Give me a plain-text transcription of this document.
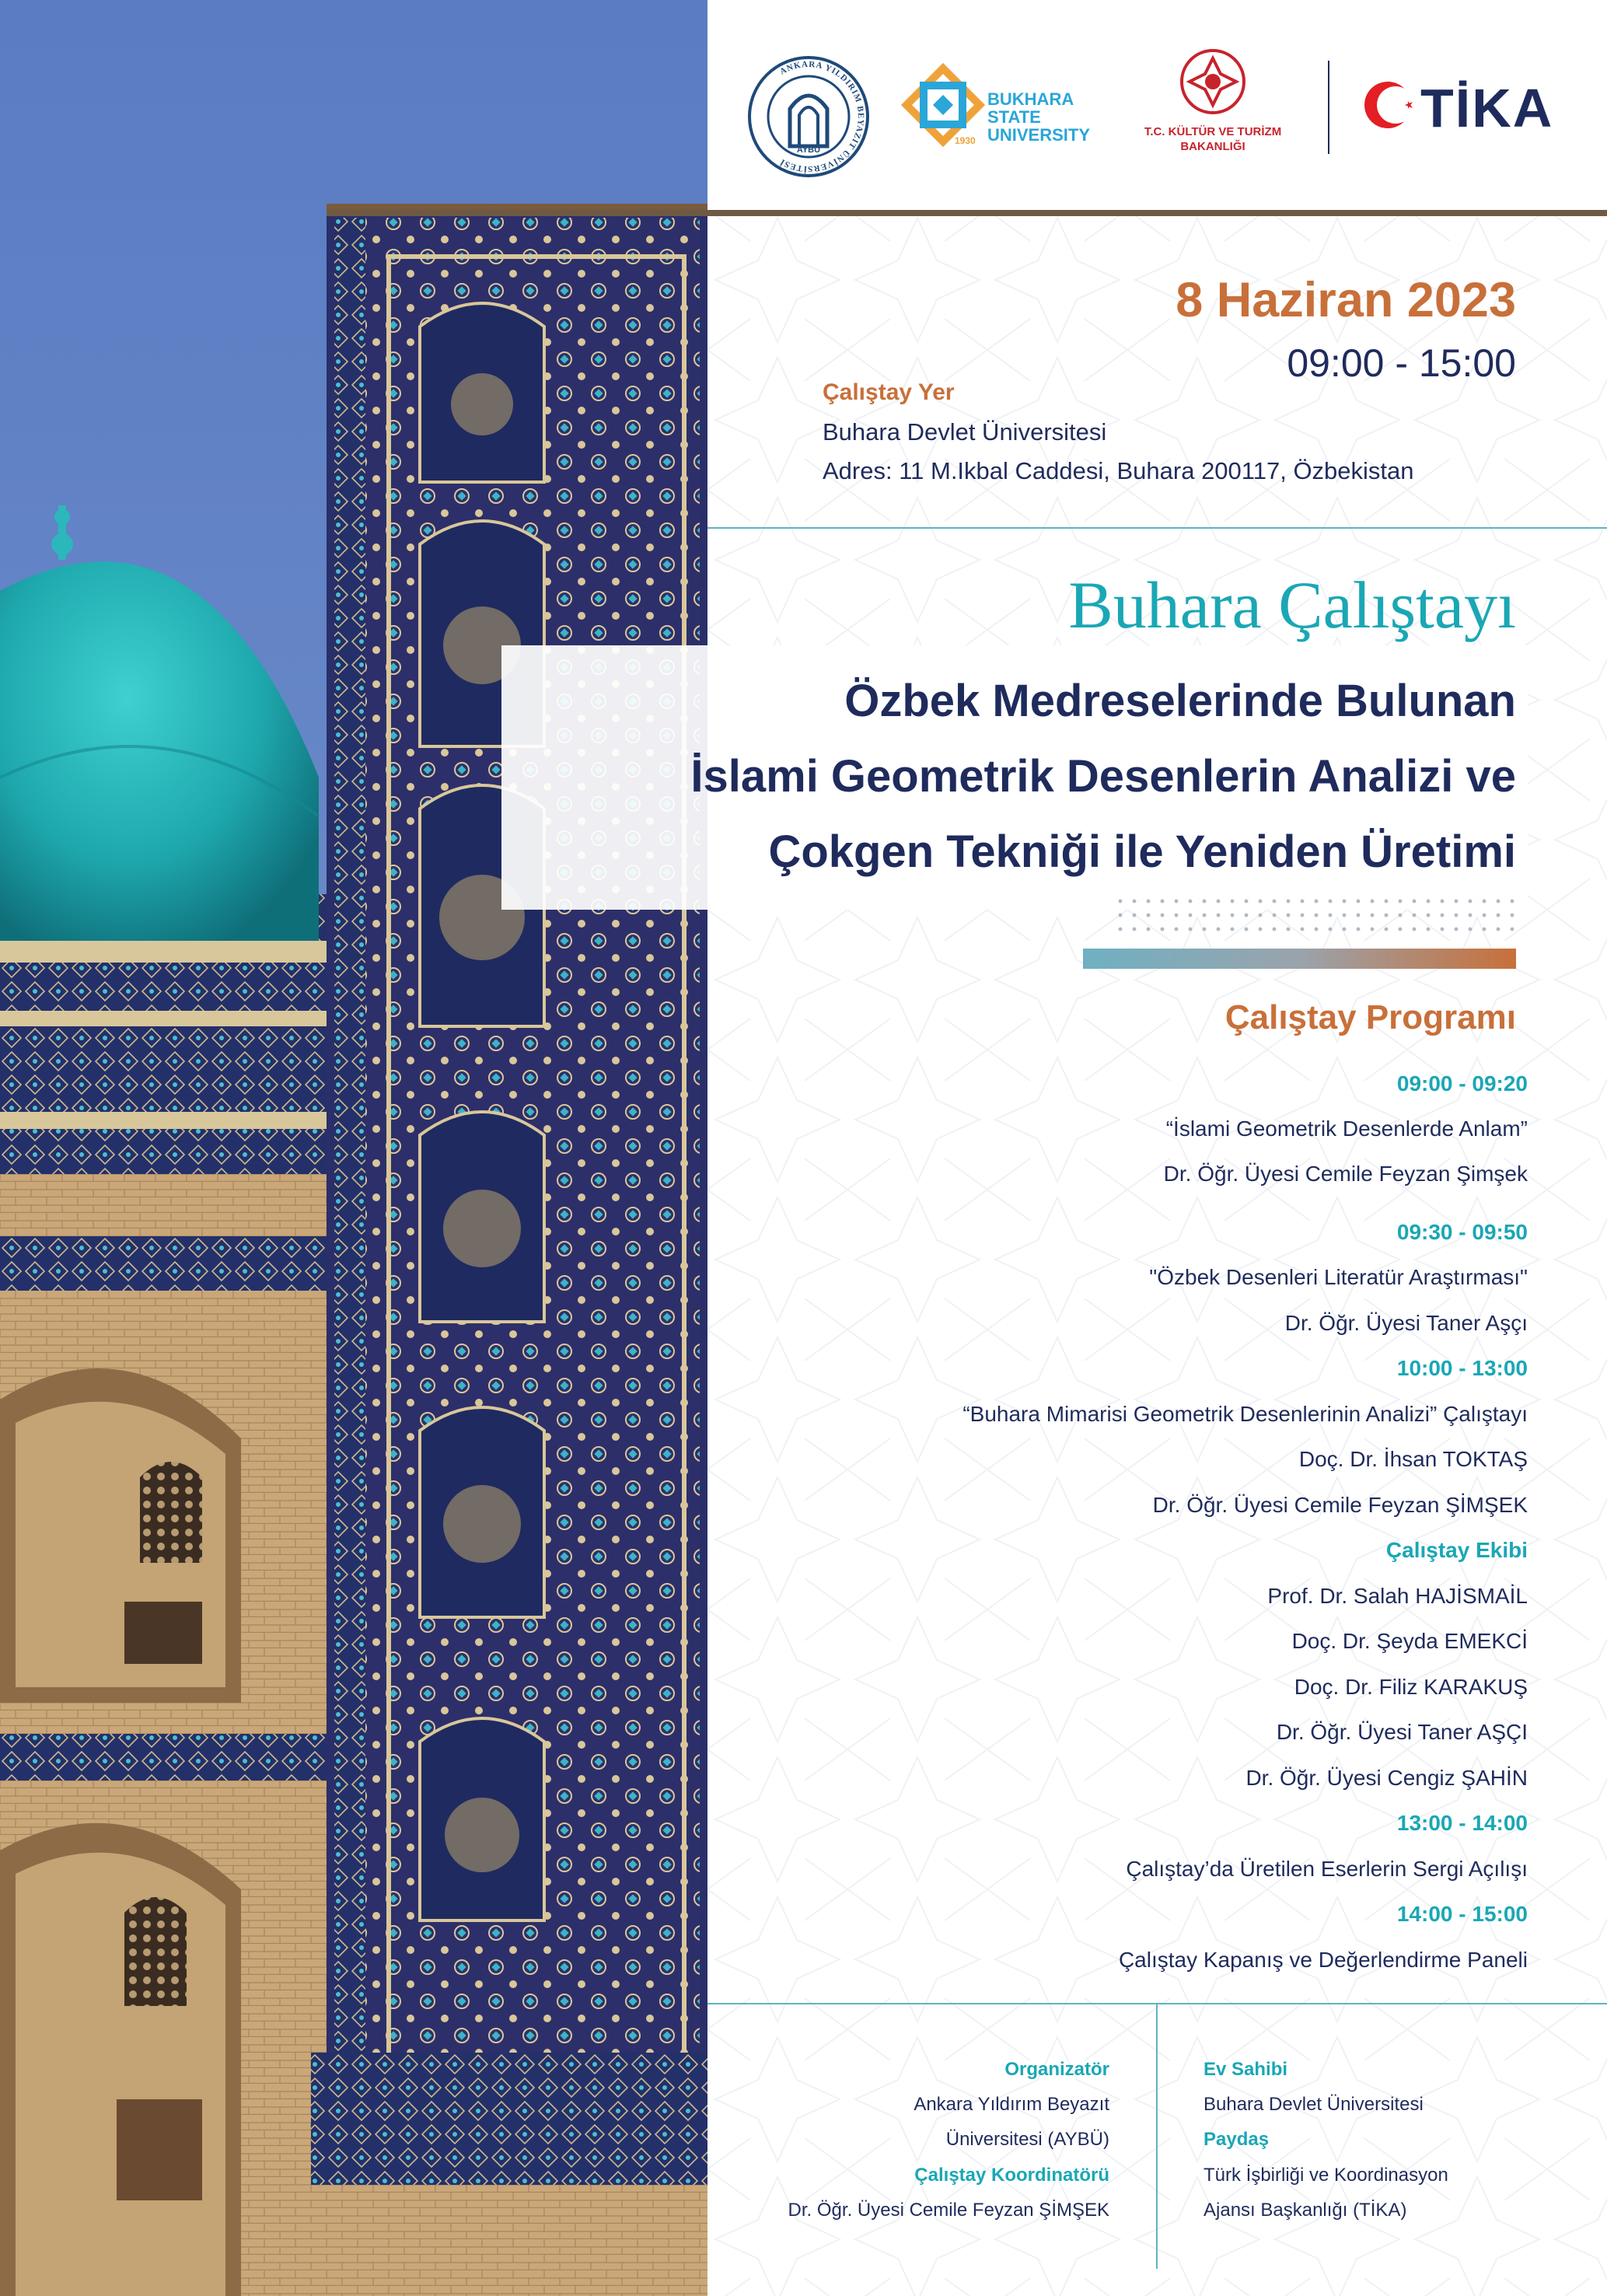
AYBÜ
ANKARA YILDIRIM BEYAZIT ÜNİVERSİTESİ
BUKHARA
STATE
UNIVERSITY
1930
T.C. KÜLTÜR VE TURİZM
BAKANLIĞI
TİKA
8 Haziran 2023
09:00 - 15:00
Çalıştay Yer
Buhara Devlet Üniversitesi
Adres: 11 M.Ikbal Caddesi, Buhara 200117, Özbekistan
Buhara Çalıştayı
Özbek Medreselerinde Bulunan
İslami Geometrik Desenlerin Analizi ve
Çokgen Tekniği ile Yeniden Üretimi
Çalıştay Programı
09:00 - 09:20
“İslami Geometrik Desenlerde Anlam”
Dr. Öğr. Üyesi Cemile Feyzan Şimşek
09:30 - 09:50
"Özbek Desenleri Literatür Araştırması"
Dr. Öğr. Üyesi Taner Aşçı
10:00 - 13:00
“Buhara Mimarisi Geometrik Desenlerinin Analizi” Çalıştayı
Doç. Dr. İhsan TOKTAŞ
Dr. Öğr. Üyesi Cemile Feyzan ŞİMŞEK
Çalıştay Ekibi
Prof. Dr. Salah HAJİSMAİL
Doç. Dr. Şeyda EMEKCİ
Doç. Dr. Filiz KARAKUŞ
Dr. Öğr. Üyesi Taner AŞÇI
Dr. Öğr. Üyesi Cengiz ŞAHİN
13:00 - 14:00
Çalıştay’da Üretilen Eserlerin Sergi Açılışı
14:00 - 15:00
Çalıştay Kapanış ve Değerlendirme Paneli
Organizatör
Ankara Yıldırım Beyazıt
Üniversitesi (AYBÜ)
Çalıştay Koordinatörü
Dr. Öğr. Üyesi Cemile Feyzan ŞİMŞEK
Ev Sahibi
Buhara Devlet Üniversitesi
Paydaş
Türk İşbirliği ve Koordinasyon
Ajansı Başkanlığı (TİKA)
